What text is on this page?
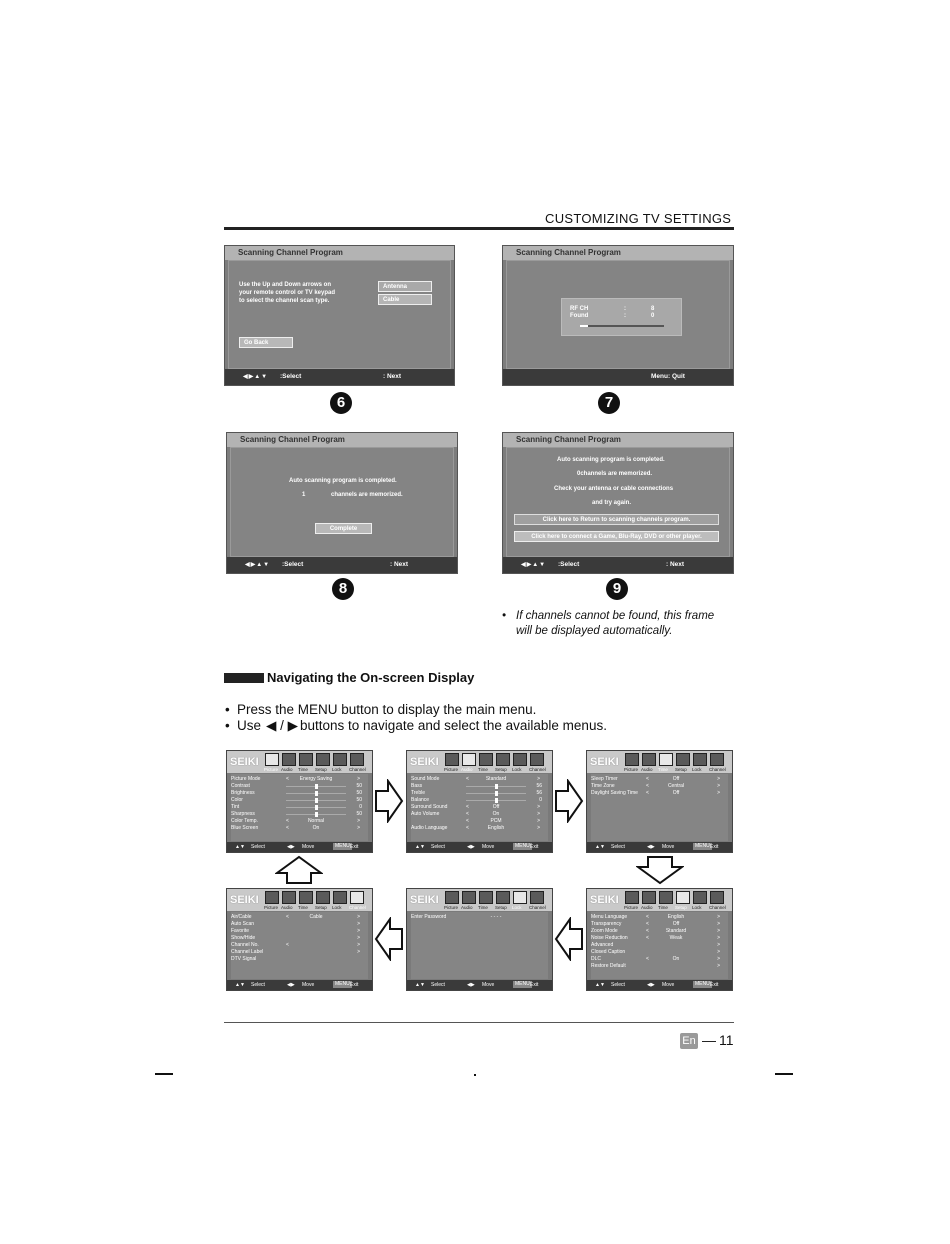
CUSTOMIZING TV SETTINGS
Scanning Channel Program
Use the Up and Down arrows on
your remote control or TV keypad
to select the channel scan type.
Antenna
Cable
Go Back
◀▶▲▼ :Select	: Next
Scanning Channel Program
RF CH	:	8
Found	:	0
Menu: Quit
6	7
Scanning Channel Program
Auto scanning program is completed.
1	channels are memorized.
Complete
◀▶▲▼ :Select	: Next
Scanning Channel Program
Auto scanning program is completed.
0channels are memorized.
Check your antenna or cable connections
and try again.
Click here to Return to scanning channels program.
Click here to connect a Game, Blu-Ray, DVD or other player.
◀▶▲▼ :Select	: Next
8	9
• If channels cannot be found, this frame
will be displayed automatically.
Navigating the On-screen Display
• Press the MENU button to display the main menu.
• Use ◀ / ▶ buttons to navigate and select the available menus.
SEIKI
Picture Audio Time Setup Lock Channel
Picture Mode	<	Energy Saving	>
Contrast	50
Brightness	50
Color	50
Tint	0
Sharpness	50
Color Temp.	<	Normal	>
Blue Screen	<	On	>
▲▼ Select	◀▶ Move	MENU Exit
SEIKI
Picture Audio Time Setup Lock Channel
Sound Mode	<	Standard	>
Bass	56
Treble	56
Balance	0
Surround Sound	<	Off	>
Auto Volume	<	On	>
<	PCM	>
Audio Language	<	English	>
▲▼ Select	◀▶ Move	MENU Exit
SEIKI
Picture Audio Time Setup Lock Channel
Sleep Timer	<	Off	>
Time Zone	<	Central	>
Daylight Saving Time <	Off	>
▲▼ Select	◀▶ Move	MENU Exit
SEIKI
Picture Audio Time Setup Lock Channel
Air/Cable	<	Cable	>
Auto Scan	>
Favorite	>
Show/Hide	>
Channel No.	<	>
Channel Label	>
DTV Signal
▲▼ Select	◀▶ Move	MENU Exit
SEIKI
Picture Audio Time Setup Lock Channel
Enter Password	- - - -
▲▼ Select	◀▶ Move	MENU Exit
SEIKI
Picture Audio Time Setup Lock Channel
Menu Language	<	English	>
Transparency	<	Off	>
Zoom Mode	<	Standard	>
Noise Reduction	<	Weak	>
Advanced	>
Closed Caption	>
DLC	<	On	>
Restore Default	>
▲▼ Select	◀▶ Move	MENU Exit
En — 11
